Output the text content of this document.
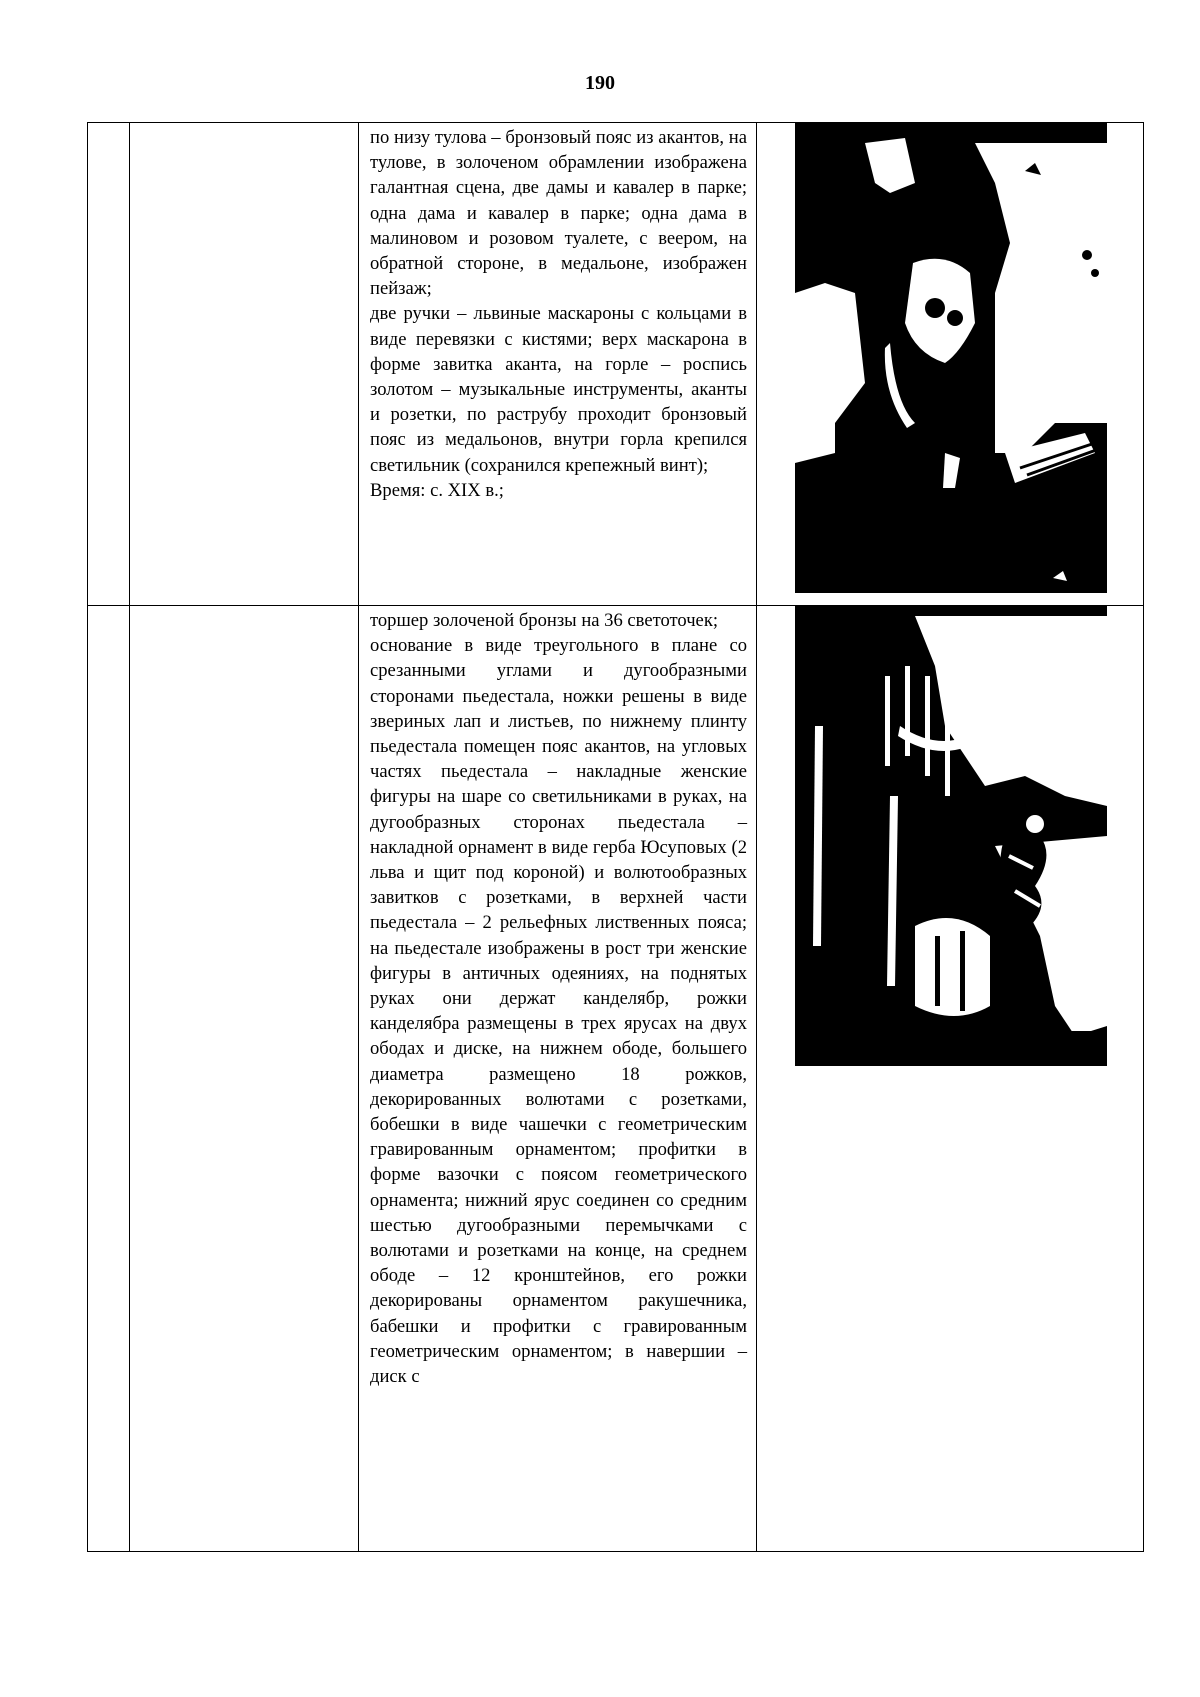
190

		по низу тулова – бронзовый пояс из акантов, на тулове, в золоченом обрамлении изображена галантная сцена, две дамы и кавалер в парке; одна дама и кавалер в парке; одна дама в малиновом и розовом туалете, с веером, на обратной стороне, в медальоне, изображен пейзаж;

две ручки – львиные маскароны с кольцами в виде перевязки с кистями; верх маскарона в форме завитка аканта, на горле – роспись золотом – музыкальные инструменты, аканты и розетки, по раструбу проходит бронзовый пояс из медальонов, внутри горла крепился светильник (сохранился крепежный винт);

Время: с. XIX в.;

		торшер золоченой бронзы на 36 светоточек;

основание в виде треугольного в плане со срезанными углами и дугообразными сторонами пьедестала, ножки решены в виде звериных лап и листьев, по нижнему плинту пьедестала помещен пояс акантов, на угловых частях пьедестала – накладные женские фигуры на шаре со светильниками в руках, на дугообразных сторонах пьедестала – накладной орнамент в виде герба Юсуповых (2 льва и щит под короной) и волютообразных завитков с розетками, в верхней части пьедестала – 2 рельефных лиственных пояса; на пьедестале изображены в рост три женские фигуры в античных одеяниях, на поднятых руках они держат канделябр, рожки канделябра размещены в трех ярусах на двух ободах и диске, на нижнем ободе, большего диаметра размещено 18 рожков, декорированных волютами с розетками, бобешки в виде чашечки с геометрическим гравированным орнаментом; профитки в форме вазочки с поясом геометрического орнамента; нижний ярус соединен со средним шестью дугообразными перемычками с волютами и розетками на конце, на среднем ободе – 12 кронштейнов, его рожки декорированы орнаментом ракушечника, бабешки и профитки с гравированным геометрическим орнаментом; в навершии – диск с
